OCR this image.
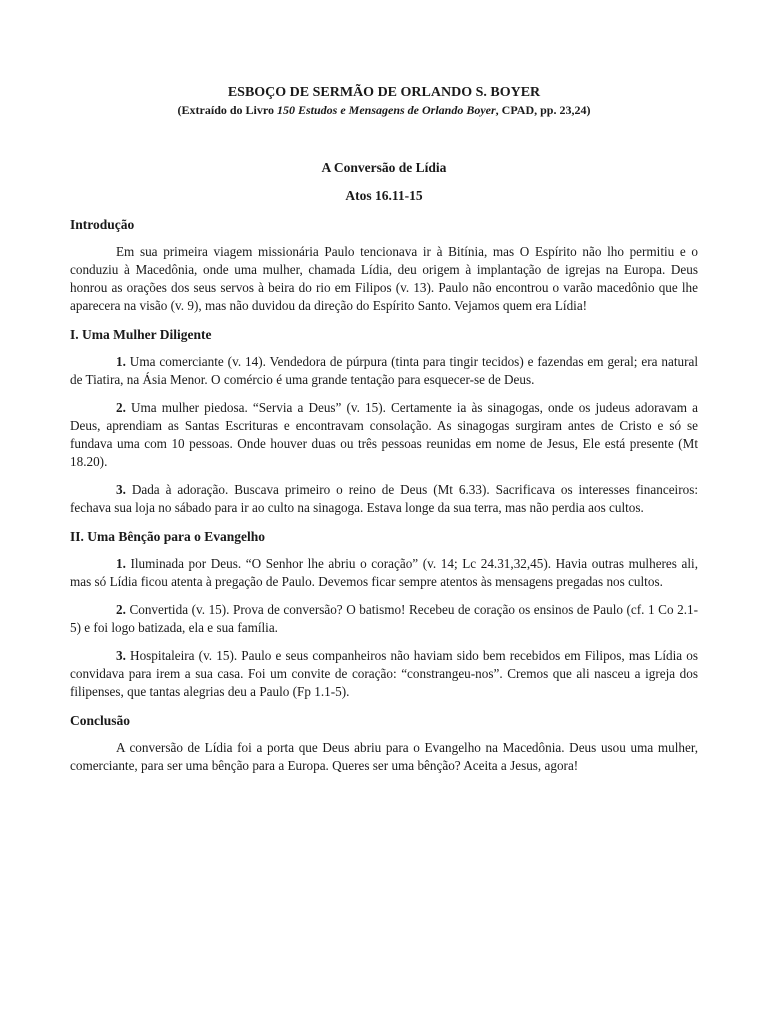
ESBOÇO DE SERMÃO DE ORLANDO S. BOYER
(Extraído do Livro 150 Estudos e Mensagens de Orlando Boyer, CPAD, pp. 23,24)
A Conversão de Lídia
Atos 16.11-15
Introdução

Em sua primeira viagem missionária Paulo tencionava ir à Bitínia, mas O Espírito não lho permitiu e o conduziu à Macedônia, onde uma mulher, chamada Lídia, deu origem à implantação de igrejas na Europa. Deus honrou as orações dos seus servos à beira do rio em Filipos (v. 13). Paulo não encontrou o varão macedônio que lhe aparecera na visão (v. 9), mas não duvidou da direção do Espírito Santo. Vejamos quem era Lídia!

I. Uma Mulher Diligente

1. Uma comerciante (v. 14). Vendedora de púrpura (tinta para tingir tecidos) e fazendas em geral; era natural de Tiatira, na Ásia Menor. O comércio é uma grande tentação para esquecer-se de Deus.

2. Uma mulher piedosa. “Servia a Deus” (v. 15). Certamente ia às sinagogas, onde os judeus adoravam a Deus, aprendiam as Santas Escrituras e encontravam consolação. As sinagogas surgiram antes de Cristo e só se fundava uma com 10 pessoas. Onde houver duas ou três pessoas reunidas em nome de Jesus, Ele está presente (Mt 18.20).

3. Dada à adoração. Buscava primeiro o reino de Deus (Mt 6.33). Sacrificava os interesses financeiros: fechava sua loja no sábado para ir ao culto na sinagoga. Estava longe da sua terra, mas não perdia aos cultos.

II. Uma Bênção para o Evangelho

1. Iluminada por Deus. “O Senhor lhe abriu o coração” (v. 14; Lc 24.31,32,45). Havia outras mulheres ali, mas só Lídia ficou atenta à pregação de Paulo. Devemos ficar sempre atentos às mensagens pregadas nos cultos.

2. Convertida (v. 15). Prova de conversão? O batismo! Recebeu de coração os ensinos de Paulo (cf. 1 Co 2.1-5) e foi logo batizada, ela e sua família.

3. Hospitaleira (v. 15). Paulo e seus companheiros não haviam sido bem recebidos em Filipos, mas Lídia os convidava para irem a sua casa. Foi um convite de coração: “constrangeu-nos”. Cremos que ali nasceu a igreja dos filipenses, que tantas alegrias deu a Paulo (Fp 1.1-5).

Conclusão

A conversão de Lídia foi a porta que Deus abriu para o Evangelho na Macedônia. Deus usou uma mulher, comerciante, para ser uma bênção para a Europa. Queres ser uma bênção? Aceita a Jesus, agora!
